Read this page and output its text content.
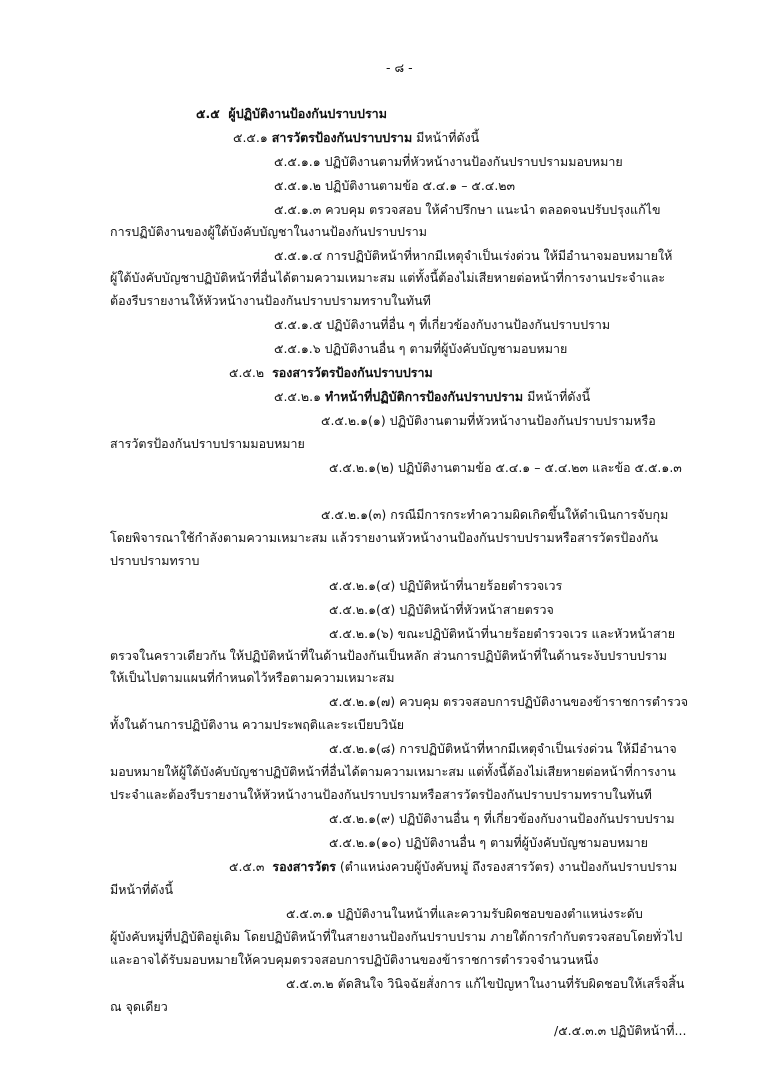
- ๘ -
๕.๕ ผู้ปฏิบัติงานป้องกันปราบปราม
๕.๕.๑ สารวัตรป้องกันปราบปราม มีหน้าที่ดังนี้
๕.๕.๑.๑ ปฏิบัติงานตามที่หัวหน้างานป้องกันปราบปรามมอบหมาย
๕.๕.๑.๒ ปฏิบัติงานตามข้อ ๕.๔.๑ – ๕.๔.๒๓
๕.๕.๑.๓ ควบคุม ตรวจสอบ ให้คำปรึกษา แนะนำ ตลอดจนปรับปรุงแก้ไข
การปฏิบัติงานของผู้ใต้บังคับบัญชาในงานป้องกันปราบปราม
๕.๕.๑.๔ การปฏิบัติหน้าที่หากมีเหตุจำเป็นเร่งด่วน ให้มีอำนาจมอบหมายให้
ผู้ใต้บังคับบัญชาปฏิบัติหน้าที่อื่นได้ตามความเหมาะสม แต่ทั้งนี้ต้องไม่เสียหายต่อหน้าที่การงานประจำและ
ต้องรีบรายงานให้หัวหน้างานป้องกันปราบปรามทราบในทันที
๕.๕.๑.๕ ปฏิบัติงานที่อื่น ๆ ที่เกี่ยวข้องกับงานป้องกันปราบปราม
๕.๕.๑.๖ ปฏิบัติงานอื่น ๆ ตามที่ผู้บังคับบัญชามอบหมาย
๕.๕.๒ รองสารวัตรป้องกันปราบปราม
๕.๕.๒.๑ ทำหน้าที่ปฏิบัติการป้องกันปราบปราม มีหน้าที่ดังนี้
๕.๕.๒.๑(๑) ปฏิบัติงานตามที่หัวหน้างานป้องกันปราบปรามหรือ
สารวัตรป้องกันปราบปรามมอบหมาย
๕.๕.๒.๑(๒) ปฏิบัติงานตามข้อ ๕.๔.๑ – ๕.๔.๒๓ และข้อ ๕.๕.๑.๓
๕.๕.๒.๑(๓) กรณีมีการกระทำความผิดเกิดขึ้นให้ดำเนินการจับกุม
โดยพิจารณาใช้กำลังตามความเหมาะสม แล้วรายงานหัวหน้างานป้องกันปราบปรามหรือสารวัตรป้องกัน
ปราบปรามทราบ
๕.๕.๒.๑(๔) ปฏิบัติหน้าที่นายร้อยตำรวจเวร
๕.๕.๒.๑(๕) ปฏิบัติหน้าที่หัวหน้าสายตรวจ
๕.๕.๒.๑(๖) ขณะปฏิบัติหน้าที่นายร้อยตำรวจเวร และหัวหน้าสาย
ตรวจในคราวเดียวกัน ให้ปฏิบัติหน้าที่ในด้านป้องกันเป็นหลัก ส่วนการปฏิบัติหน้าที่ในด้านระงับปราบปราม
ให้เป็นไปตามแผนที่กำหนดไว้หรือตามความเหมาะสม
๕.๕.๒.๑(๗) ควบคุม ตรวจสอบการปฏิบัติงานของข้าราชการตำรวจ
ทั้งในด้านการปฏิบัติงาน ความประพฤติและระเบียบวินัย
๕.๕.๒.๑(๘) การปฏิบัติหน้าที่หากมีเหตุจำเป็นเร่งด่วน ให้มีอำนาจ
มอบหมายให้ผู้ใต้บังคับบัญชาปฏิบัติหน้าที่อื่นได้ตามความเหมาะสม แต่ทั้งนี้ต้องไม่เสียหายต่อหน้าที่การงาน
ประจำและต้องรีบรายงานให้หัวหน้างานป้องกันปราบปรามหรือสารวัตรป้องกันปราบปรามทราบในทันที
๕.๕.๒.๑(๙) ปฏิบัติงานอื่น ๆ ที่เกี่ยวข้องกับงานป้องกันปราบปราม
๕.๕.๒.๑(๑๐) ปฏิบัติงานอื่น ๆ ตามที่ผู้บังคับบัญชามอบหมาย
๕.๕.๓ รองสารวัตร (ตำแหน่งควบผู้บังคับหมู่ ถึงรองสารวัตร) งานป้องกันปราบปราม
มีหน้าที่ดังนี้
๕.๕.๓.๑ ปฏิบัติงานในหน้าที่และความรับผิดชอบของตำแหน่งระดับ
ผู้บังคับหมู่ที่ปฏิบัติอยู่เดิม โดยปฏิบัติหน้าที่ในสายงานป้องกันปราบปราม ภายใต้การกำกับตรวจสอบโดยทั่วไป
และอาจได้รับมอบหมายให้ควบคุมตรวจสอบการปฏิบัติงานของข้าราชการตำรวจจำนวนหนึ่ง
๕.๕.๓.๒ ตัดสินใจ วินิจฉัยสั่งการ แก้ไขปัญหาในงานที่รับผิดชอบให้เสร็จสิ้น
ณ จุดเดียว
/๕.๕.๓.๓ ปฏิบัติหน้าที่...
